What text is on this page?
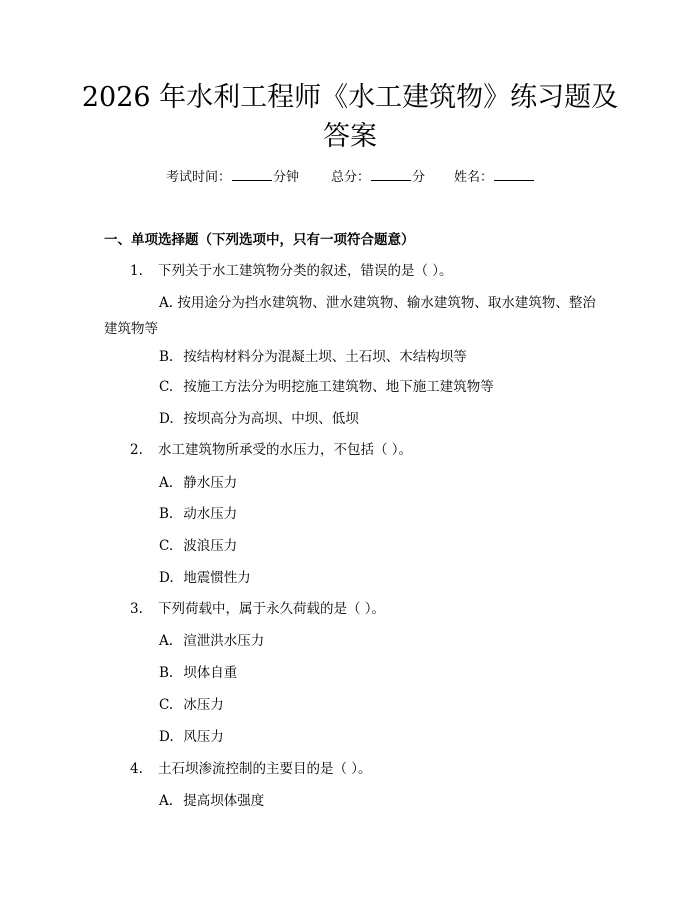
2026 年水利工程师《水工建筑物》练习题及
答案
考试时间：	分钟 总分：	分 姓名：
一、单项选择题（下列选项中，只有一项符合题意）
1. 下列关于水工建筑物分类的叙述，错误的是（ ）。
A. 按用途分为挡水建筑物、泄水建筑物、输水建筑物、取水建筑物、整治建筑物等
B. 按结构材料分为混凝土坝、土石坝、木结构坝等
C. 按施工方法分为明挖施工建筑物、地下施工建筑物等
D. 按坝高分为高坝、中坝、低坝
2. 水工建筑物所承受的水压力，不包括（ ）。
A. 静水压力
B. 动水压力
C. 波浪压力
D. 地震惯性力
3. 下列荷载中，属于永久荷载的是（ ）。
A. 渲泄洪水压力
B. 坝体自重
C. 冰压力
D. 风压力
4. 土石坝渗流控制的主要目的是（ ）。
A. 提高坝体强度
